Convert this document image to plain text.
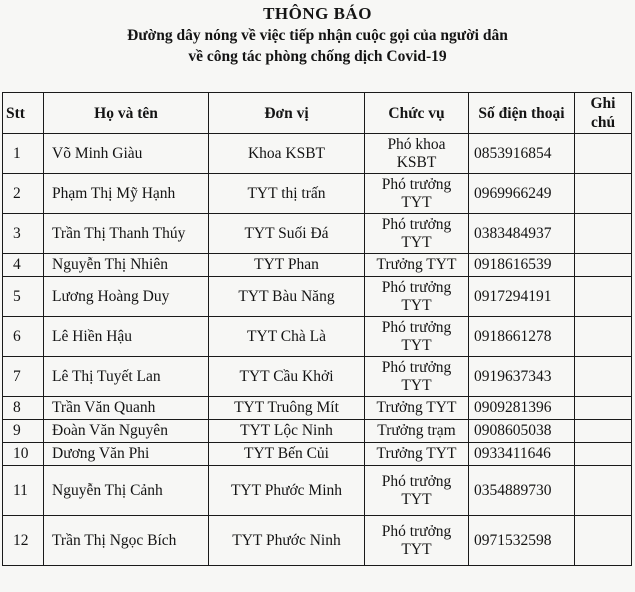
THÔNG BÁO
Đường dây nóng về việc tiếp nhận cuộc gọi của người dân
về công tác phòng chống dịch Covid-19
Stt	Họ và tên	Đơn vị	Chức vụ	Số điện thoại	Ghi chú
1	Võ Minh Giàu	Khoa KSBT	Phó khoa KSBT	0853916854	
2	Phạm Thị Mỹ Hạnh	TYT thị trấn	Phó trưởng TYT	0969966249	
3	Trần Thị Thanh Thúy	TYT Suối Đá	Phó trưởng TYT	0383484937	
4	Nguyễn Thị Nhiên	TYT Phan	Trưởng TYT	0918616539	
5	Lương Hoàng Duy	TYT Bàu Năng	Phó trưởng TYT	0917294191	
6	Lê Hiền Hậu	TYT Chà Là	Phó trưởng TYT	0918661278	
7	Lê Thị Tuyết Lan	TYT Cầu Khởi	Phó trưởng TYT	0919637343	
8	Trần Văn Quanh	TYT Truông Mít	Trưởng TYT	0909281396	
9	Đoàn Văn Nguyên	TYT Lộc Ninh	Trưởng trạm	0908605038	
10	Dương Văn Phi	TYT Bến Củi	Trưởng TYT	0933411646	
11	Nguyễn Thị Cảnh	TYT Phước Minh	Phó trưởng TYT	0354889730	
12	Trần Thị Ngọc Bích	TYT Phước Ninh	Phó trưởng TYT	0971532598	
